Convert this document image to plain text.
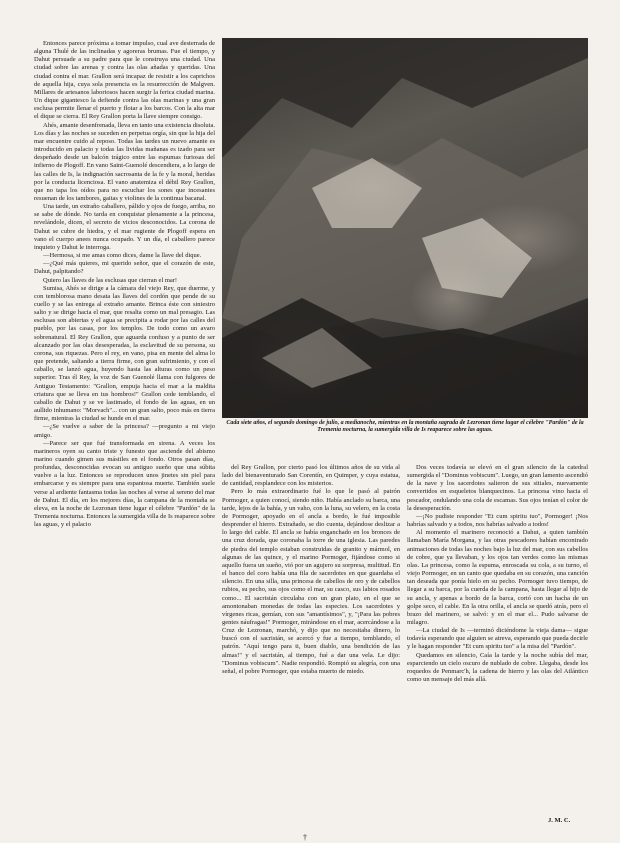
Entonces parece próxima a tomar impulso, cual ave desterrada de alguna Thulé de las inclinadas y agoreras brumas. Fue el tiempo, y Dahut persuade a su padre para que le construya una ciudad. Una ciudad sobre las arenas y contra las olas añadas y queridas. Una ciudad contra el mar. Grallon será incapaz de resistir a los caprichos de aquella hija, cuya sola presencia es la resurrección de Malgven. Millares de artesanos laboriosos hacen surgir la ferica ciudad marina. Un dique gigantesco la defiende contra las olas marinas y una gran esclusa permite llenar el puerto y flotar a los barcos. Con la alta mar el dique se cierra. El Rey Grallon porta la llave siempre consigo.

Ahés, amante desenfrenada, lleva en tanto una existencia disoluta. Los días y las noches se suceden en perpetua orgía, sin que la hija del mar encuentre cuido al reposo. Todas las tardes un nuevo amante es introducido en palacio y todas las lividas mañanas es izado para ser despeñado desde un balcón trágico entre las espumas furiosas del infierno de Plogoff. En vano Saint-Guenolé descendiera, a lo largo de las calles de Is, la indignación sacrosanta de la fe y la moral, heridas por la conducta licenciosa. El vano anatemiza el débil Rey Grallon, que no tapa los oídos para no escuchar los sones que incesantes resuenan de los tambores, gaitas y violines de la continua bacanal.

Una tarde, un extraño caballero, pálido y ojos de fuego, arriba, no se sabe de dónde. No tarda en conquistar plenamente a la princesa, revelándole, dicen, el secreto de vicios desconocidos. La corona de Dahut se cubre de hiedra, y el mar rugiente de Plogoff espera en vano el cuerpo anees nunca ocupado. Y un día, el caballero parece inquieto y Dahut le interroga.

—Hermosa, si me amas como dices, dame la llave del dique.

—¿Qué más quieres, mi querido señor, que el corazón de este, Dahut, palpitando?

Quiero las llaves de las esclusas que cierran el mar!

Sumisa, Ahés se dirige a la cámara del viejo Rey, que duerme, y con temblorosa mano desata las llaves del cordón que pende de su cuello y se las entrega al extraño amante. Brinca éste con siniestro salto y se dirige hacia el mar, que resalta como un mal presagio. Las esclusas son abiertas y el agua se precipita a rodar por las calles del pueblo, por las casas, por los templos. De todo como un avaro sobrenatural. El Rey Grallon, que aguarda confuso y a punto de ser alcanzado por las olas desesperadas, la esclavitud de su persona, su corona, sus riquezas. Pero el rey, en vano, pisa en mente del alma lo que pretende, saltando a tierra firme, con gran sufrimiento, y con el caballo, se lanzó agua, huyendo hasta las alturas como un peso superior. Tras él Rey, la voz de San Guenolé llama con fulgores de Antiguo Testamento: "Grallon, empuja hacia el mar a la maldita criatura que se lleva en tus hombros!" Grallon cede temblando, el caballo de Dahut y se ve lastimado, el fondo de las aguas, en un aullido inhumano: "Morvach"... con un gran salto, poco más en tierra firme, mientras la ciudad se hunde en el mar.

—¿Se vuelve a saber de la princesa? —pregunto a mi viejo amigo.

—Parece ser que fué transformada en sirena. A veces los marineros oyen su canto triste y funesto que asciende del abismo marino cuando gimen sus mástiles en el fondo. Otros pasan días, profundas, desconocidas evocan su antiguo sueño que una súbita vuelve a la luz. Entonces se reproducen unos jinetes sin piel para embarcarse y es siempre para una espantosa muerte. También suele verse al ardiente fantasma todas las noches al verse al sereno del mar de Dahut. El día, en los mejores días, la campana de la montaña se eleva, en la noche de Lezronan tiene lugar el célebre "Pardón" de la Tremenia nocturna. Entonces la sumergida villa de Is reaparece sobre las aguas, y el palacio

Cada siete años, el segundo domingo de julio, a medianoche, mientras en la montaña sagrada de Lezronan tiene lugar el célebre "Pardón" de la Tremenia nocturna, la sumergida villa de Is reaparece sobre las aguas.

del Rey Grallon, por cierto pasó los últimos años de su vida al lado del bienaventurado San Corentín, en Quimper, y cuya estatua, de cantidad, resplandece con los misterios.

Pero lo más extraordinario fué lo que le pasó al patrón Pormoger, a quien conocí, siendo niño. Había anclado su barca, una tarde, lejos de la bahía, y un vaho, con la luna, su velero, en la costa de Pormoger, apoyado en el ancla a bordo, le fué imposible desprender el hierro. Extrañado, se dio cuenta, dejándose deslizar a lo largo del cable. El ancla se había enganchado en los bronces de una cruz dorada, que coronaba la torre de una iglesia. Las paredes de piedra del templo estaban construidas de granito y mármol, en algunas de las quince, y el marino Pormoger, fijándose como si aquello fuera un sueño, vió por un agujero su sorpresa, multitud. En el banco del coro había una fila de sacerdotes en que guardaba el silencio. En una silla, una princesa de cabellos de oro y de cabellos rubios, su pecho, sus ojos como el mar, su casco, sus labios rosados como... El sacristán circulaba con un gran plato, en el que se amontonaban monedas de todas las especies. Los sacerdotes y vírgenes ricas, gemían, con sus "amantísimos", y, "¡Para las pobres gentes náufragas!" Pormoger, mirándose en el mar, acercándose a la Cruz de Lezronan, marchó, y dijo que no necesitaba dinero, lo buscó con el sacristán, se acercó y fue a tiempo, temblando, el patrón. "Aquí tengo para ti, buen diablo, una bendición de las almas!" y el sacristán, al tiempo, fué a dar una vela. Le dijo: "Dominus vobiscum". Nadie respondió. Rompió su alegría, con una señal, el pobre Pormoger, que estaba muerto de miedo.

Dos veces todavía se elevó en el gran silencio de la catedral sumergida el "Dominus vobiscum". Luego, un gran lamento ascendió de la nave y los sacerdotes salieron de sus sitiales, nuevamente convertidos en esqueletos blanquecinos. La princesa vino hacia el pescador, ondulando una cola de escamas. Sus ojos tenían el color de la desesperación.

—¡No pudiste responder "Et cum spiritu tuo", Pormoger! ¡Nos habrías salvado y a todos, nos habrías salvado a todos!

Al momento el marinero reconoció a Dahut, a quien también llamaban María Morgana, y las otras pescadores habían encontrado animaciones de todas las noches bajo la luz del mar, con sus cabellos de cobre, que ya llevaban, y los ojos tan verdes como las mismas olas. La princesa, como la espuma, enroscada su cola, a su turno, el viejo Pormoger, en un canto que quedaba en su corazón, una canción tan deseada que ponía hielo en su pecho. Pormoger tuvo tiempo, de llegar a su barca, por la cuerda de la campana, hasta llegar al hijo de su ancla, y apenas a bordo de la barca, cortó con un hacha de un golpe seco, el cable. En la otra orilla, el ancla se quedó atrás, pero el brazo del marinero, se salvó: y en el mar el... Pudo salvarse de milagro.

—La ciudad de Is —terminó diciéndome la vieja dama— sigue todavía esperando que alguien se atreva, esperando que pueda decirle y le hagan responder "Et cum spiritu tuo" a la misa del "Pardón".

Quedamos en silencio, Caía la tarde y la noche subía del mar, esparciendo un cielo oscuro de nublado de cobre. Llegaba, desde los roquedos de Penmarc'h, la cadena de hierro y las olas del Atlántico como un mensaje del más allá.

J. M. C.
†
